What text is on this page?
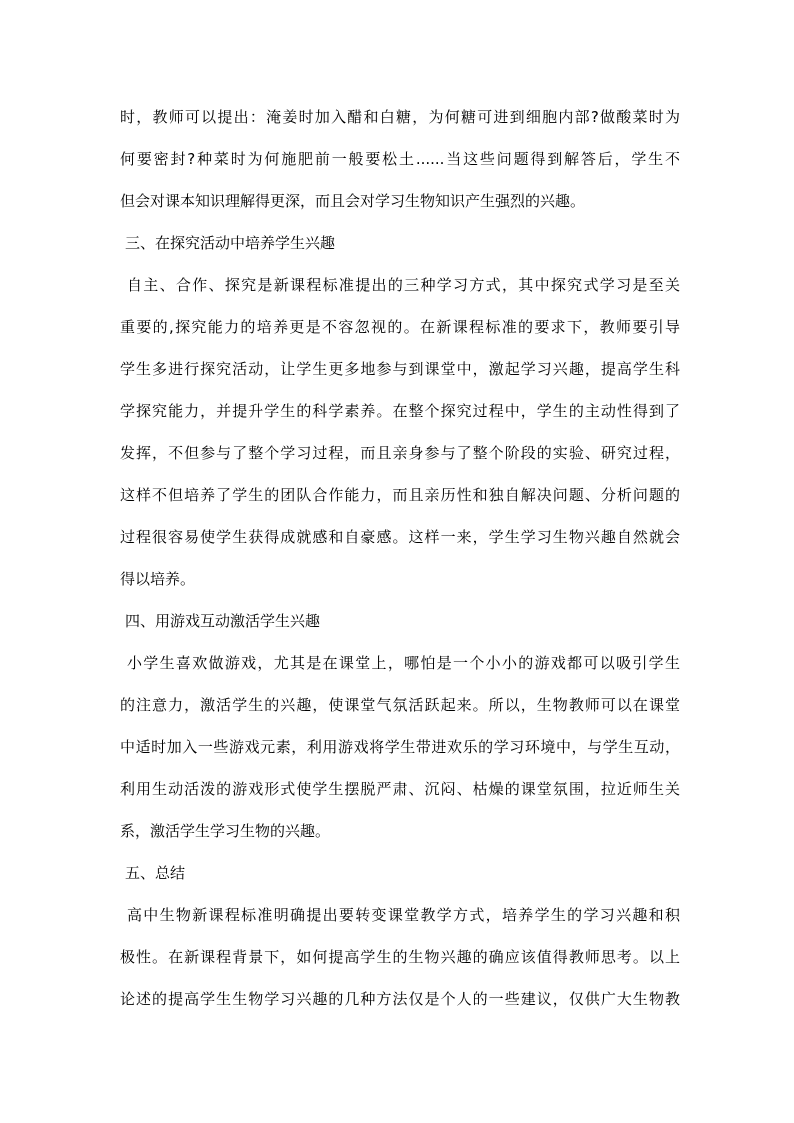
时，教师可以提出：淹姜时加入醋和白糖，为何糖可进到细胞内部?做酸菜时为
何要密封?种菜时为何施肥前一般要松土......当这些问题得到解答后，学生不
但会对课本知识理解得更深，而且会对学习生物知识产生强烈的兴趣。
三、在探究活动中培养学生兴趣
自主、合作、探究是新课程标准提出的三种学习方式，其中探究式学习是至关
重要的,探究能力的培养更是不容忽视的。在新课程标准的要求下，教师要引导
学生多进行探究活动，让学生更多地参与到课堂中，激起学习兴趣，提高学生科
学探究能力，并提升学生的科学素养。在整个探究过程中，学生的主动性得到了
发挥，不但参与了整个学习过程，而且亲身参与了整个阶段的实验、研究过程，
这样不但培养了学生的团队合作能力，而且亲历性和独自解决问题、分析问题的
过程很容易使学生获得成就感和自豪感。这样一来，学生学习生物兴趣自然就会
得以培养。
四、用游戏互动激活学生兴趣
小学生喜欢做游戏，尤其是在课堂上，哪怕是一个小小的游戏都可以吸引学生
的注意力，激活学生的兴趣，使课堂气氛活跃起来。所以，生物教师可以在课堂
中适时加入一些游戏元素，利用游戏将学生带进欢乐的学习环境中，与学生互动，
利用生动活泼的游戏形式使学生摆脱严肃、沉闷、枯燥的课堂氛围，拉近师生关
系，激活学生学习生物的兴趣。
五、总结
高中生物新课程标准明确提出要转变课堂教学方式，培养学生的学习兴趣和积
极性。在新课程背景下，如何提高学生的生物兴趣的确应该值得教师思考。以上
论述的提高学生生物学习兴趣的几种方法仅是个人的一些建议，仅供广大生物教
